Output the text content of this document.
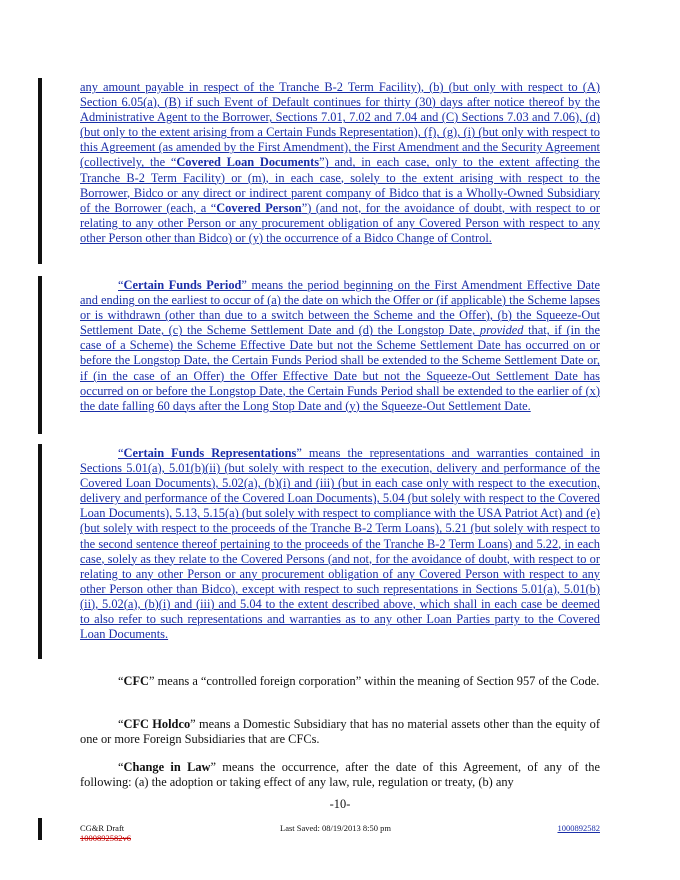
any amount payable in respect of the Tranche B-2 Term Facility), (b) (but only with respect to (A) Section 6.05(a), (B) if such Event of Default continues for thirty (30) days after notice thereof by the Administrative Agent to the Borrower, Sections 7.01, 7.02 and 7.04 and (C) Sections 7.03 and 7.06), (d) (but only to the extent arising from a Certain Funds Representation), (f), (g), (i) (but only with respect to this Agreement (as amended by the First Amendment), the First Amendment and the Security Agreement (collectively, the “Covered Loan Documents”) and, in each case, only to the extent affecting the Tranche B-2 Term Facility) or (m), in each case, solely to the extent arising with respect to the Borrower, Bidco or any direct or indirect parent company of Bidco that is a Wholly-Owned Subsidiary of the Borrower (each, a “Covered Person”) (and not, for the avoidance of doubt, with respect to or relating to any other Person or any procurement obligation of any Covered Person with respect to any other Person other than Bidco) or (y) the occurrence of a Bidco Change of Control.

“Certain Funds Period” means the period beginning on the First Amendment Effective Date and ending on the earliest to occur of (a) the date on which the Offer or (if applicable) the Scheme lapses or is withdrawn (other than due to a switch between the Scheme and the Offer), (b) the Squeeze-Out Settlement Date, (c) the Scheme Settlement Date and (d) the Longstop Date, provided that, if (in the case of a Scheme) the Scheme Effective Date but not the Scheme Settlement Date has occurred on or before the Longstop Date, the Certain Funds Period shall be extended to the Scheme Settlement Date or, if (in the case of an Offer) the Offer Effective Date but not the Squeeze-Out Settlement Date has occurred on or before the Longstop Date, the Certain Funds Period shall be extended to the earlier of (x) the date falling 60 days after the Long Stop Date and (y) the Squeeze-Out Settlement Date.

“Certain Funds Representations” means the representations and warranties contained in Sections 5.01(a), 5.01(b)(ii) (but solely with respect to the execution, delivery and performance of the Covered Loan Documents), 5.02(a), (b)(i) and (iii) (but in each case only with respect to the execution, delivery and performance of the Covered Loan Documents), 5.04 (but solely with respect to the Covered Loan Documents), 5.13, 5.15(a) (but solely with respect to compliance with the USA Patriot Act) and (e) (but solely with respect to the proceeds of the Tranche B-2 Term Loans), 5.21 (but solely with respect to the second sentence thereof pertaining to the proceeds of the Tranche B-2 Term Loans) and 5.22, in each case, solely as they relate to the Covered Persons (and not, for the avoidance of doubt, with respect to or relating to any other Person or any procurement obligation of any Covered Person with respect to any other Person other than Bidco), except with respect to such representations in Sections 5.01(a), 5.01(b)(ii), 5.02(a), (b)(i) and (iii) and 5.04 to the extent described above, which shall in each case be deemed to also refer to such representations and warranties as to any other Loan Parties party to the Covered Loan Documents.

“CFC” means a “controlled foreign corporation” within the meaning of Section 957 of the Code.

“CFC Holdco” means a Domestic Subsidiary that has no material assets other than the equity of one or more Foreign Subsidiaries that are CFCs.

“Change in Law” means the occurrence, after the date of this Agreement, of any of the following: (a) the adoption or taking effect of any law, rule, regulation or treaty, (b) any

-10-
CG&R Draft
1000892582v6
Last Saved: 08/19/2013 8:50 pm	1000892582
